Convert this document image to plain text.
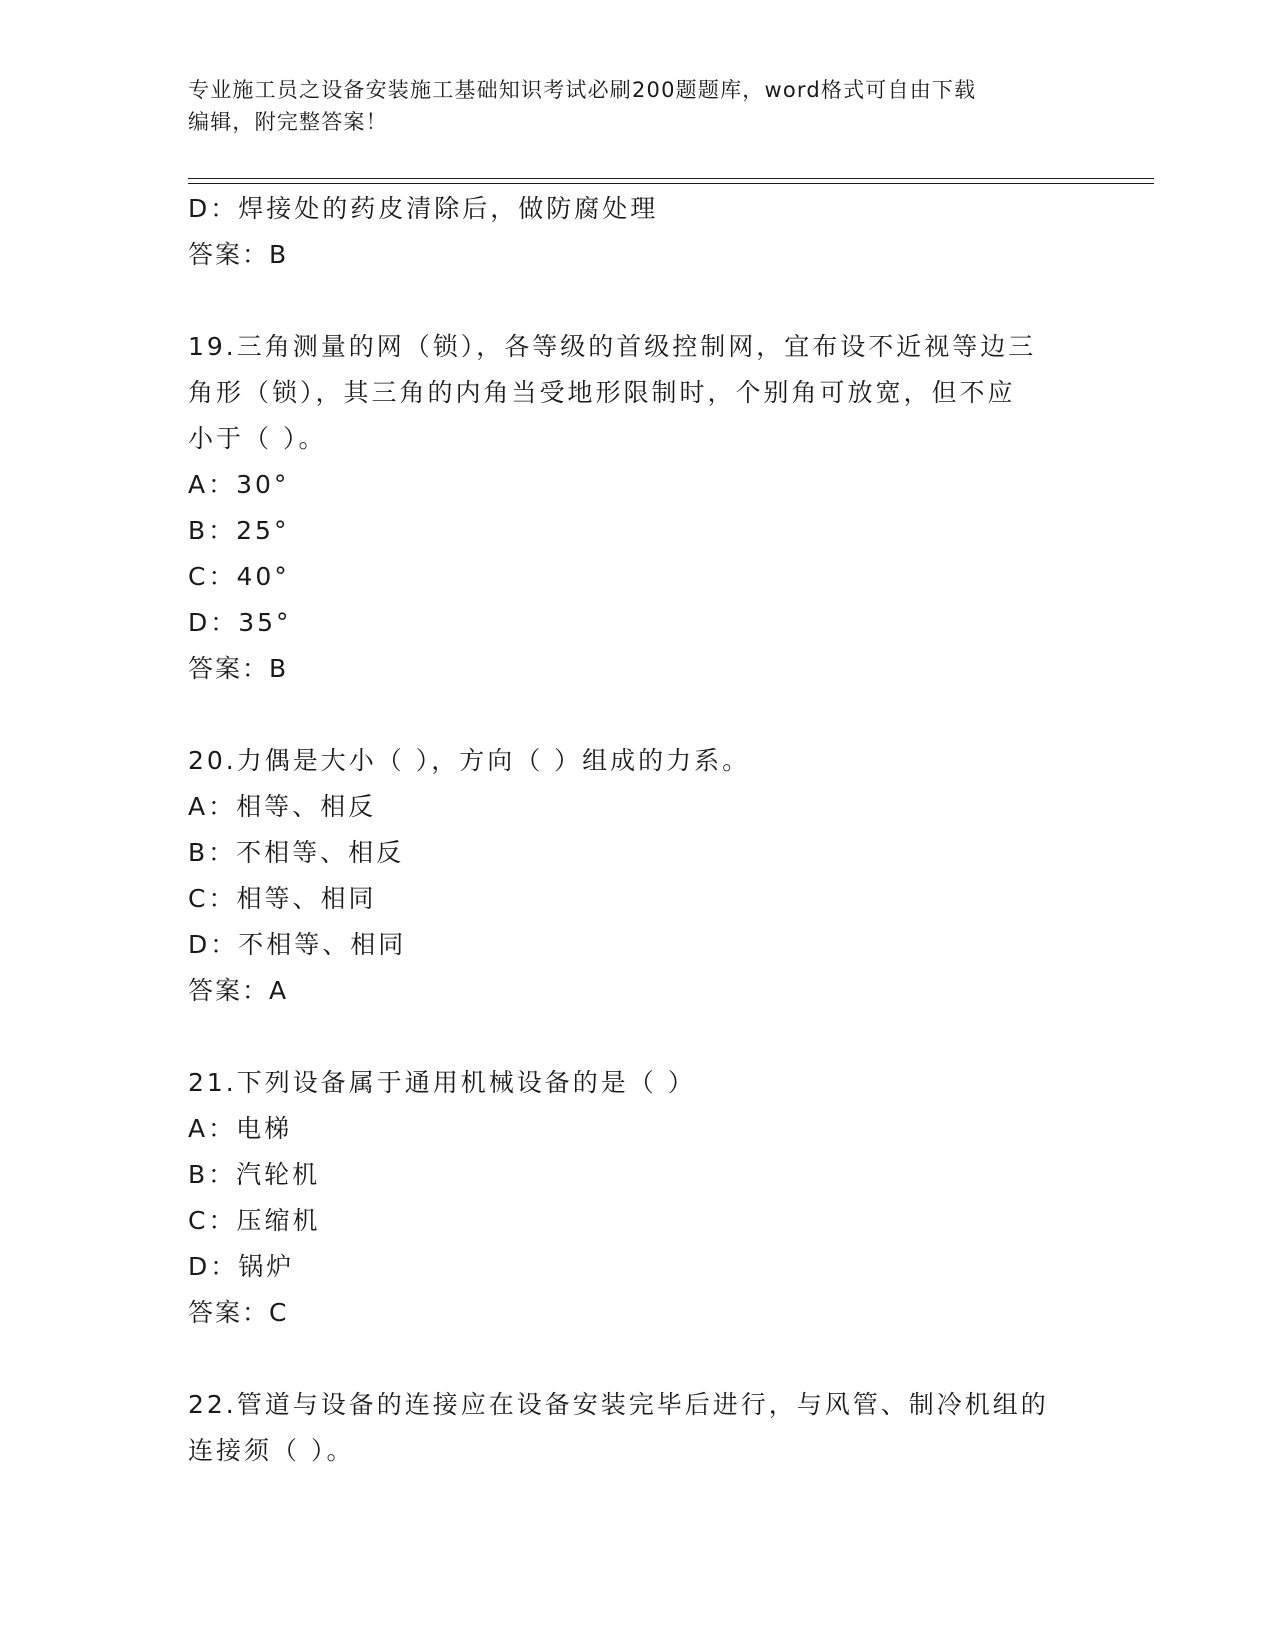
专业施工员之设备安装施工基础知识考试必刷200题题库，word格式可自由下载
编辑，附完整答案！

D：焊接处的药皮清除后，做防腐处理

答案：B

19.三角测量的网（锁），各等级的首级控制网，宜布设不近视等边三

角形（锁），其三角的内角当受地形限制时，个别角可放宽，但不应

小于（ ）。

A：30°

B：25°

C：40°

D：35°

答案：B

20.力偶是大小（ ），方向（ ）组成的力系。

A：相等、相反

B：不相等、相反

C：相等、相同

D：不相等、相同

答案：A

21.下列设备属于通用机械设备的是（ ）

A：电梯

B：汽轮机

C：压缩机

D：锅炉

答案：C

22.管道与设备的连接应在设备安装完毕后进行，与风管、制冷机组的

连接须（ ）。
